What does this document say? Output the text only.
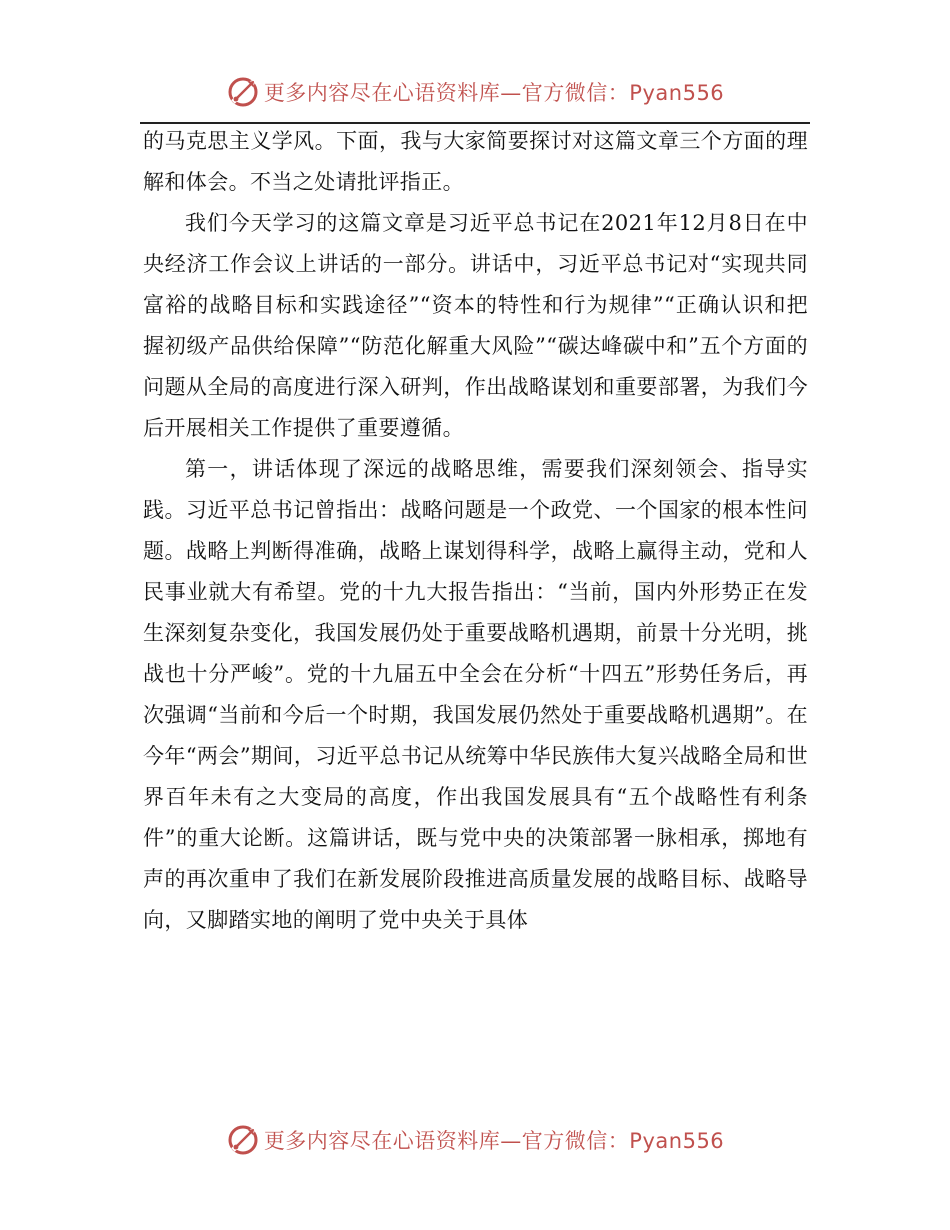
更多内容尽在心语资料库—官方微信：Pyan556

的马克思主义学风。下面，我与大家简要探讨对这篇文章三个方面的理解和体会。不当之处请批评指正。

我们今天学习的这篇文章是习近平总书记在2021年12月8日在中央经济工作会议上讲话的一部分。讲话中，习近平总书记对“实现共同富裕的战略目标和实践途径”“资本的特性和行为规律”“正确认识和把握初级产品供给保障”“防范化解重大风险”“碳达峰碳中和”五个方面的问题从全局的高度进行深入研判，作出战略谋划和重要部署，为我们今后开展相关工作提供了重要遵循。

第一，讲话体现了深远的战略思维，需要我们深刻领会、指导实践。习近平总书记曾指出：战略问题是一个政党、一个国家的根本性问题。战略上判断得准确，战略上谋划得科学，战略上赢得主动，党和人民事业就大有希望。党的十九大报告指出：“当前，国内外形势正在发生深刻复杂变化，我国发展仍处于重要战略机遇期，前景十分光明，挑战也十分严峻”。党的十九届五中全会在分析“十四五”形势任务后，再次强调“当前和今后一个时期，我国发展仍然处于重要战略机遇期”。在今年“两会”期间，习近平总书记从统筹中华民族伟大复兴战略全局和世界百年未有之大变局的高度，作出我国发展具有“五个战略性有利条件”的重大论断。这篇讲话，既与党中央的决策部署一脉相承，掷地有声的再次重申了我们在新发展阶段推进高质量发展的战略目标、战略导向，又脚踏实地的阐明了党中央关于具体

更多内容尽在心语资料库—官方微信：Pyan556
